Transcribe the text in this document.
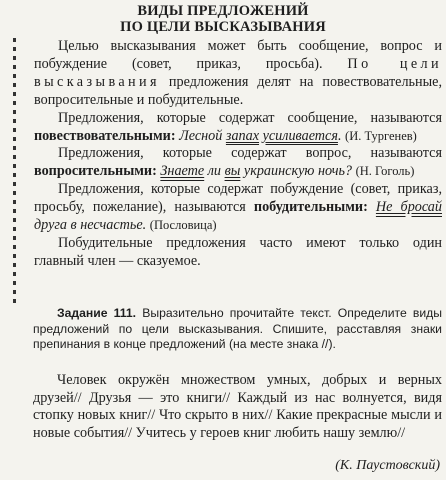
ВИДЫ ПРЕДЛОЖЕНИЙ
ПО ЦЕЛИ ВЫСКАЗЫВАНИЯ

Целью высказывания может быть сообщение, вопрос и побуждение (совет, приказ, просьба). По цели высказывания предложения делят на повествовательные, вопросительные и побудительные.

Предложения, которые содержат сообщение, называются повествовательными: Лесной запах усиливается. (И. Тургенев)

Предложения, которые содержат вопрос, называются вопросительными: Знаете ли вы украинскую ночь? (Н. Гоголь)

Предложения, которые содержат побуждение (совет, приказ, просьбу, пожелание), называются побудительными: Не бросай друга в несчастье. (Пословица)

Побудительные предложения часто имеют только один главный член — сказуемое.

Задание 111. Выразительно прочитайте текст. Определите виды предложений по цели высказывания. Спишите, расставляя знаки препинания в конце предложений (на месте знака //).

Человек окружён множеством умных, добрых и верных друзей// Друзья — это книги// Каждый из нас волнуется, видя стопку новых книг// Что скрыто в них// Какие прекрасные мысли и новые события// Учитесь у героев книг любить нашу землю//

(К. Паустовский)
